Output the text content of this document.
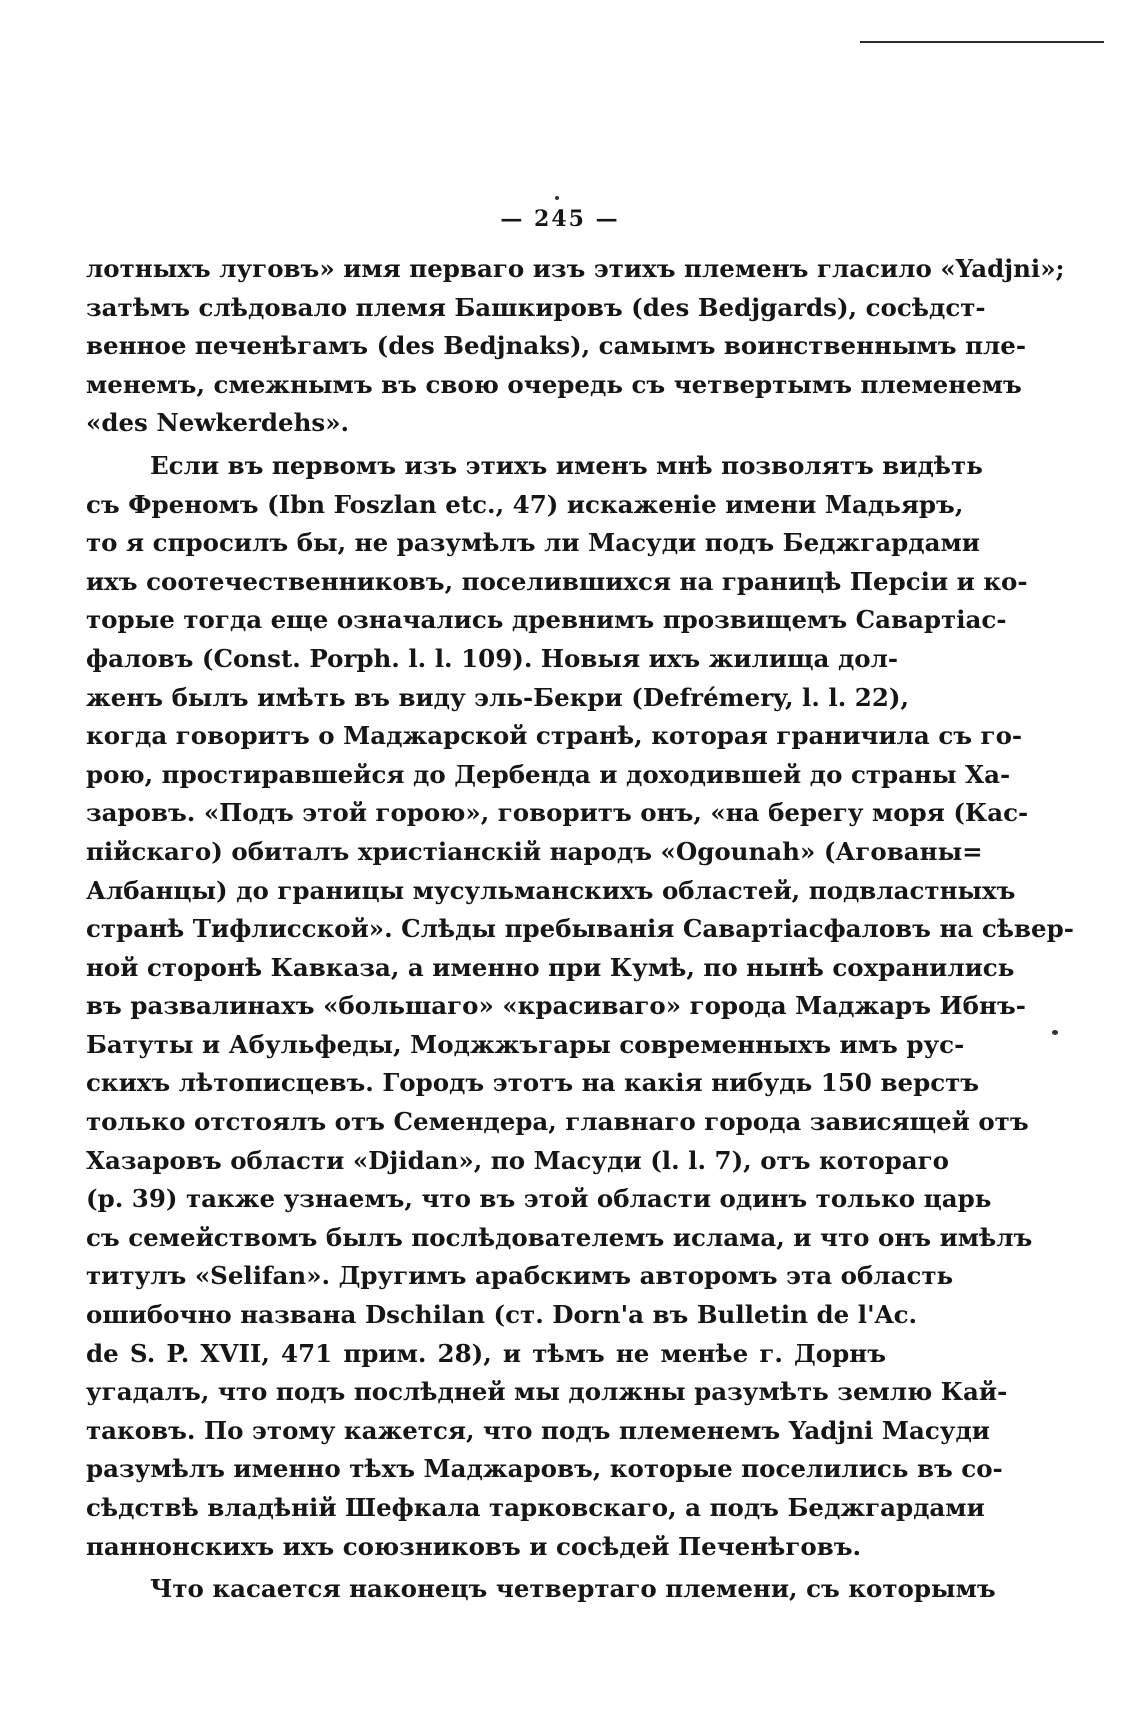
— 245 —
лотныхъ луговъ» имя перваго изъ этихъ племенъ гласило «Yadjni»;
затѣмъ слѣдовало племя Башкировъ (des Bedjgards), сосѣдст-
венное печенѣгамъ (des Bedjnaks), самымъ воинственнымъ пле-
менемъ, смежнымъ въ свою очередь съ четвертымъ племенемъ
«des Newkerdehs».
Если въ первомъ изъ этихъ именъ мнѣ позволятъ видѣть
съ Френомъ (Ibn Foszlan etc., 47) искаженіе имени Мадьяръ,
то я спросилъ бы, не разумѣлъ ли Масуди подъ Беджгардами
ихъ соотечественниковъ, поселившихся на границѣ Персіи и ко-
торые тогда еще означались древнимъ прозвищемъ Савартіас-
фаловъ (Const. Porph. l. l. 109). Новыя ихъ жилища дол-
женъ былъ имѣть въ виду эль-Бекри (Defrémery, l. l. 22),
когда говоритъ о Маджарской странѣ, которая граничила съ го-
рою, простиравшейся до Дербенда и доходившей до страны Ха-
заровъ. «Подъ этой горою», говоритъ онъ, «на берегу моря (Кас-
пійскаго) обиталъ христіанскій народъ «Ogounah» (Агованы=
Албанцы) до границы мусульманскихъ областей, подвластныхъ
странѣ Тифлисской». Слѣды пребыванія Савартіасфаловъ на сѣвер-
ной сторонѣ Кавказа, а именно при Кумѣ, по нынѣ сохранились
въ развалинахъ «большаго» «красиваго» города Маджаръ Ибнъ-
Батуты и Абульфеды, Моджжъгары современныхъ имъ рус-
скихъ лѣтописцевъ. Городъ этотъ на какія нибудь 150 верстъ
только отстоялъ отъ Семендера, главнаго города зависящей отъ
Хазаровъ области «Djidan», по Масуди (l. l. 7), отъ котораго
(p. 39) также узнаемъ, что въ этой области одинъ только царь
съ семействомъ былъ послѣдователемъ ислама, и что онъ имѣлъ
титулъ «Selifan». Другимъ арабскимъ авторомъ эта область
ошибочно названа Dschilan (ст. Dorn'а въ Bulletin de l'Ac.
de S. P. XVII, 471 прим. 28), и тѣмъ не менѣе г. Дорнъ
угадалъ, что подъ послѣдней мы должны разумѣть землю Кай-
таковъ. По этому кажется, что подъ племенемъ Yadjni Масуди
разумѣлъ именно тѣхъ Маджаровъ, которые поселились въ со-
сѣдствѣ владѣній Шефкала тарковскаго, а подъ Беджгардами
паннонскихъ ихъ союзниковъ и сосѣдей Печенѣговъ.
Что касается наконецъ четвертаго племени, съ которымъ
